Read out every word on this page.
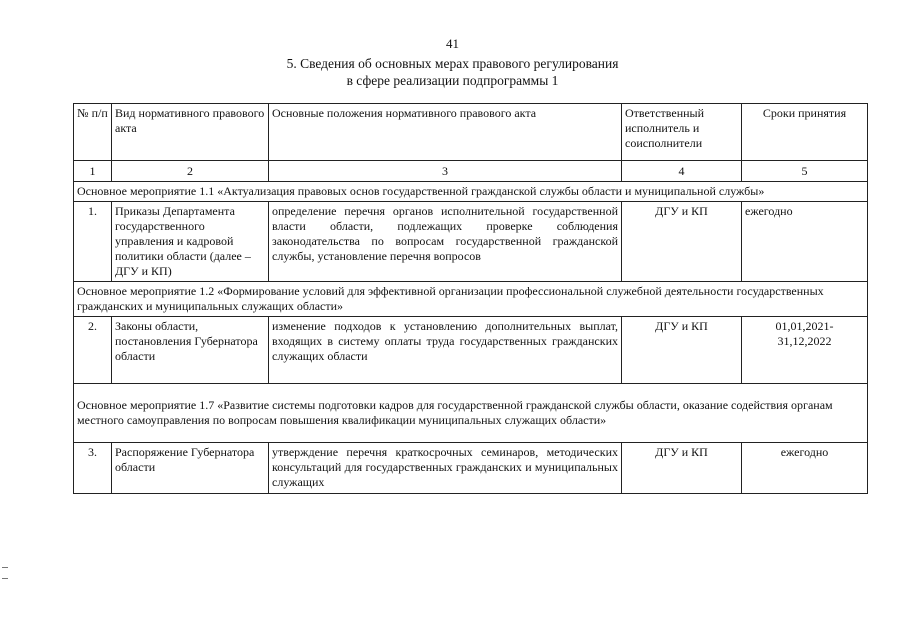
41
5. Сведения об основных мерах правового регулирования
в сфере реализации подпрограммы 1
№ п/п	Вид нормативного правового акта	Основные положения нормативного правового акта	Ответственный исполнитель и соисполнители	Сроки принятия
1	2	3	4	5
Основное мероприятие 1.1 «Актуализация правовых основ государственной гражданской службы области и муниципальной службы»				
1.	Приказы Департамента государственного управления и кадровой политики области (далее – ДГУ и КП)	определение перечня органов исполнительной государственной власти области, подлежащих проверке соблюдения законодательства по вопросам государственной гражданской службы, установление перечня вопросов	ДГУ и КП	ежегодно
Основное мероприятие 1.2 «Формирование условий для эффективной организации профессиональной служебной деятельности государственных гражданских и муниципальных служащих области»				
2.	Законы области, постановления Губернатора области	изменение подходов к установлению дополнительных выплат, входящих в систему оплаты труда государственных гражданских служащих области	ДГУ и КП	01,01,2021-31,12,2022
Основное мероприятие 1.7 «Развитие системы подготовки кадров для государственной гражданской службы области, оказание содействия органам местного самоуправления по вопросам повышения квалификации муниципальных служащих области»				
3.	Распоряжение Губернатора области	утверждение перечня краткосрочных семинаров, методических консультаций для государственных гражданских и муниципальных служащих	ДГУ и КП	ежегодно
